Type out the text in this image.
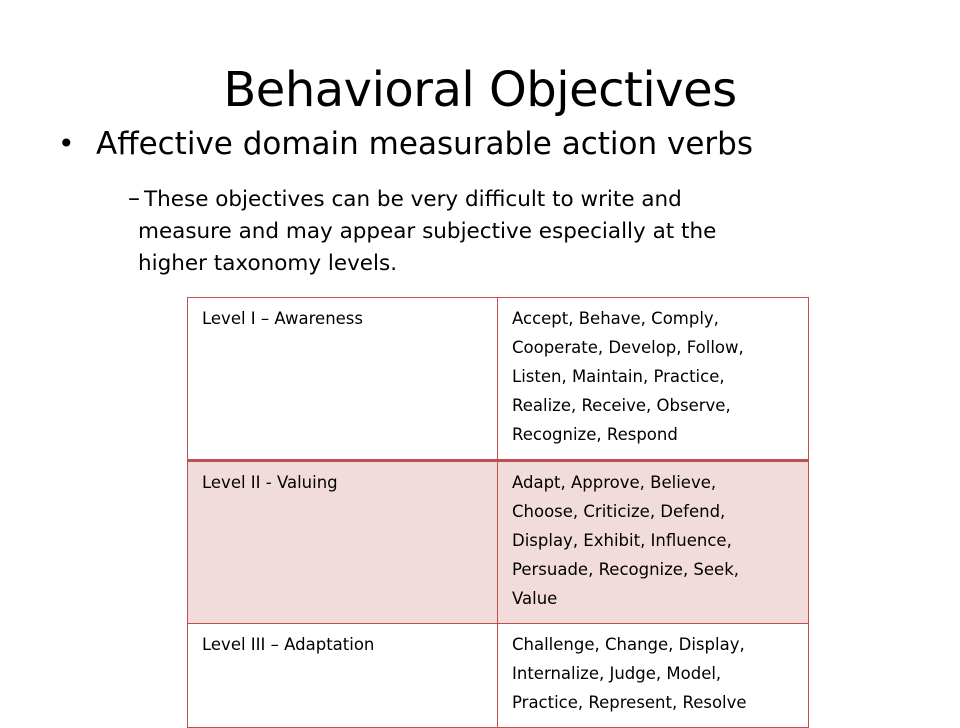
Behavioral Objectives
• Affective domain measurable action verbs
– These objectives can be very difficult to write and
measure and may appear subjective especially at the
higher taxonomy levels.
Level I – Awareness	Accept, Behave, Comply,
Cooperate, Develop, Follow,
Listen, Maintain, Practice,
Realize, Receive, Observe,
Recognize, Respond

Level II - Valuing	Adapt, Approve, Believe,
Choose, Criticize, Defend,
Display, Exhibit, Influence,
Persuade, Recognize, Seek,
Value

Level III – Adaptation	Challenge, Change, Display,
Internalize, Judge, Model,
Practice, Represent, Resolve
